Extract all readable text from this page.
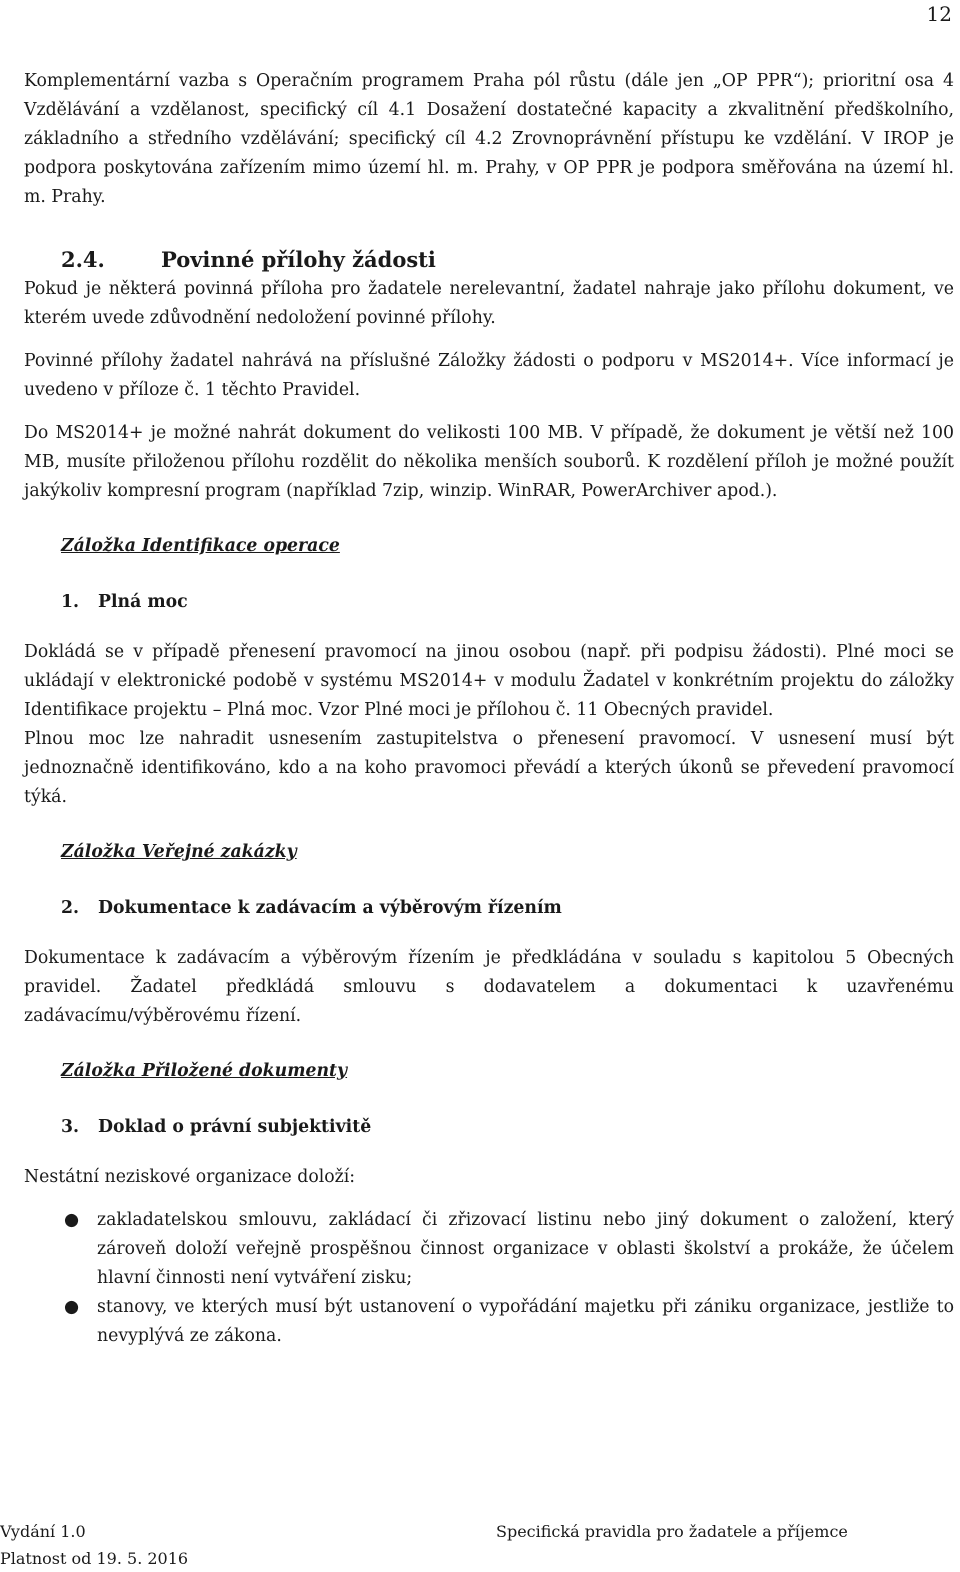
12

Komplementární vazba s Operačním programem Praha pól růstu (dále jen „OP PPR“); prioritní osa 4 Vzdělávání a vzdělanost, specifický cíl 4.1 Dosažení dostatečné kapacity a zkvalitnění předškolního, základního a středního vzdělávání; specifický cíl 4.2 Zrovnoprávnění přístupu ke vzdělání. V IROP je podpora poskytována zařízením mimo území hl. m. Prahy, v OP PPR je podpora směřována na území hl. m. Prahy.

2.4.	Povinné přílohy žádosti

Pokud je některá povinná příloha pro žadatele nerelevantní, žadatel nahraje jako přílohu dokument, ve kterém uvede zdůvodnění nedoložení povinné přílohy.

Povinné přílohy žadatel nahrává na příslušné Záložky žádosti o podporu v MS2014+. Více informací je uvedeno v příloze č. 1 těchto Pravidel.

Do MS2014+ je možné nahrát dokument do velikosti 100 MB. V případě, že dokument je větší než 100 MB, musíte přiloženou přílohu rozdělit do několika menších souborů. K rozdělení příloh je možné použít jakýkoliv kompresní program (například 7zip, winzip. WinRAR, PowerArchiver apod.).

Záložka Identifikace operace
1. Plná moc

Dokládá se v případě přenesení pravomocí na jinou osobou (např. při podpisu žádosti). Plné moci se ukládají v elektronické podobě v systému MS2014+ v modulu Žadatel v konkrétním projektu do záložky Identifikace projektu – Plná moc. Vzor Plné moci je přílohou č. 11 Obecných pravidel.

Plnou moc lze nahradit usnesením zastupitelstva o přenesení pravomocí. V usnesení musí být jednoznačně identifikováno, kdo a na koho pravomoci převádí a kterých úkonů se převedení pravomocí týká.

Záložka Veřejné zakázky
2. Dokumentace k zadávacím a výběrovým řízením

Dokumentace k zadávacím a výběrovým řízením je předkládána v souladu s kapitolou 5 Obecných pravidel. Žadatel předkládá smlouvu s dodavatelem a dokumentaci k uzavřenému zadávacímu/výběrovému řízení.

Záložka Přiložené dokumenty
3. Doklad o právní subjektivitě

Nestátní neziskové organizace doloží:

● zakladatelskou smlouvu, zakládací či zřizovací listinu nebo jiný dokument o založení, který zároveň doloží veřejně prospěšnou činnost organizace v oblasti školství a prokáže, že účelem hlavní činnosti není vytváření zisku;
● stanovy, ve kterých musí být ustanovení o vypořádání majetku při zániku organizace, jestliže to nevyplývá ze zákona.
Vydání 1.0
Platnost od 19. 5. 2016
Specifická pravidla pro žadatele a příjemce
